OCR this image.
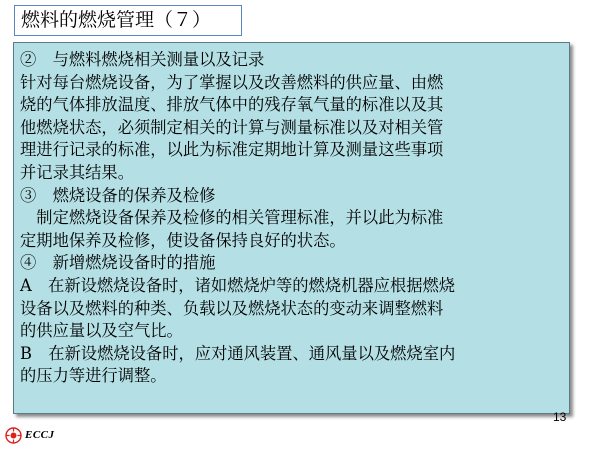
燃料的燃烧管理（７）
②　与燃料燃烧相关测量以及记录
针对每台燃烧设备，为了掌握以及改善燃料的供应量、由燃
烧的气体排放温度、排放气体中的残存氧气量的标准以及其
他燃烧状态，必须制定相关的计算与测量标准以及对相关管
理进行记录的标准，以此为标准定期地计算及测量这些事项
并记录其结果。
③　燃烧设备的保养及检修
　制定燃烧设备保养及检修的相关管理标准，并以此为标准
定期地保养及检修，使设备保持良好的状态。
④　新增燃烧设备时的措施
A　在新设燃烧设备时，诸如燃烧炉等的燃烧机器应根据燃烧
设备以及燃料的种类、负载以及燃烧状态的变动来调整燃料
的供应量以及空气比。
B　在新设燃烧设备时，应对通风装置、通风量以及燃烧室内
的压力等进行调整。
13
ECCJ
